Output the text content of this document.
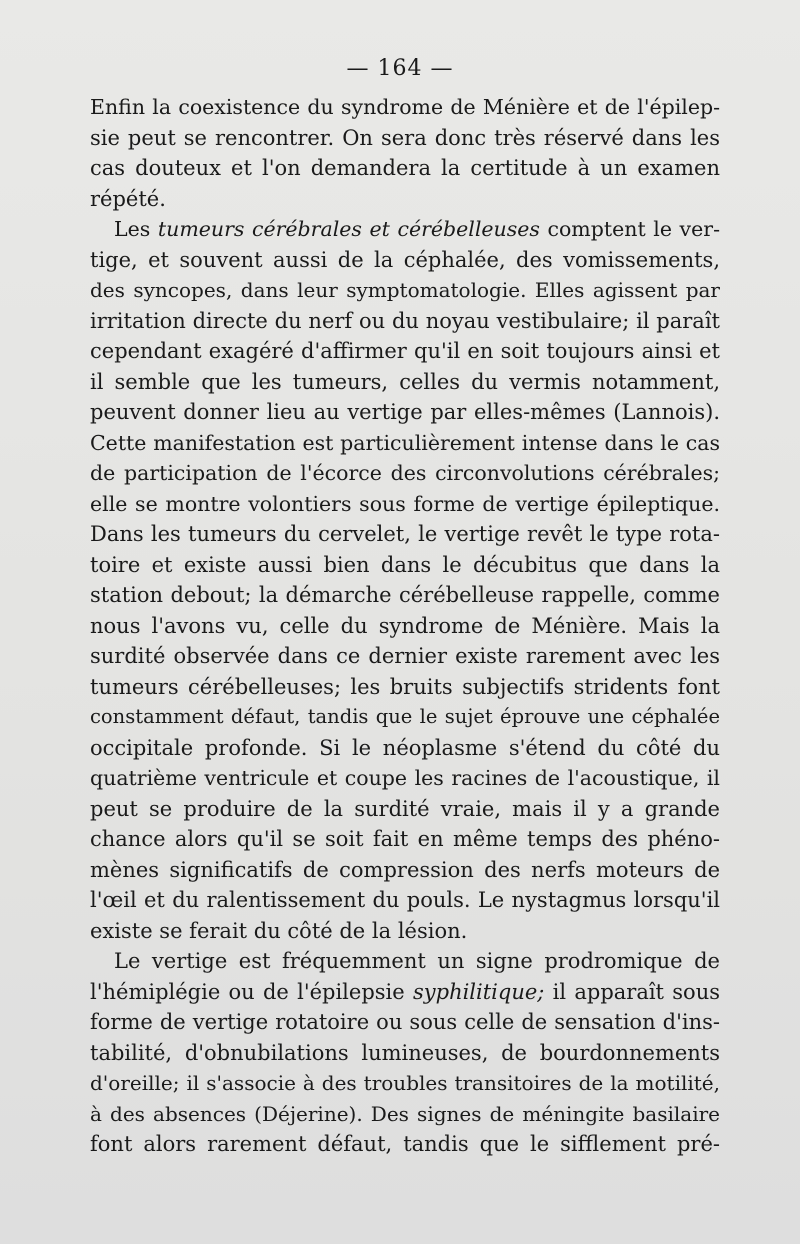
— 164 —
Enfin la coexistence du syndrome de Ménière et de l'épilep-
sie peut se rencontrer. On sera donc très réservé dans les
cas douteux et l'on demandera la certitude à un examen
répété.
Les tumeurs cérébrales et cérébelleuses comptent le ver-
tige, et souvent aussi de la céphalée, des vomissements,
des syncopes, dans leur symptomatologie. Elles agissent par
irritation directe du nerf ou du noyau vestibulaire; il paraît
cependant exagéré d'affirmer qu'il en soit toujours ainsi et
il semble que les tumeurs, celles du vermis notamment,
peuvent donner lieu au vertige par elles-mêmes (Lannois).
Cette manifestation est particulièrement intense dans le cas
de participation de l'écorce des circonvolutions cérébrales;
elle se montre volontiers sous forme de vertige épileptique.
Dans les tumeurs du cervelet, le vertige revêt le type rota-
toire et existe aussi bien dans le décubitus que dans la
station debout; la démarche cérébelleuse rappelle, comme
nous l'avons vu, celle du syndrome de Ménière. Mais la
surdité observée dans ce dernier existe rarement avec les
tumeurs cérébelleuses; les bruits subjectifs stridents font
constamment défaut, tandis que le sujet éprouve une céphalée
occipitale profonde. Si le néoplasme s'étend du côté du
quatrième ventricule et coupe les racines de l'acoustique, il
peut se produire de la surdité vraie, mais il y a grande
chance alors qu'il se soit fait en même temps des phéno-
mènes significatifs de compression des nerfs moteurs de
l'œil et du ralentissement du pouls. Le nystagmus lorsqu'il
existe se ferait du côté de la lésion.
Le vertige est fréquemment un signe prodromique de
l'hémiplégie ou de l'épilepsie syphilitique; il apparaît sous
forme de vertige rotatoire ou sous celle de sensation d'ins-
tabilité, d'obnubilations lumineuses, de bourdonnements
d'oreille; il s'associe à des troubles transitoires de la motilité,
à des absences (Déjerine). Des signes de méningite basilaire
font alors rarement défaut, tandis que le sifflement pré-
